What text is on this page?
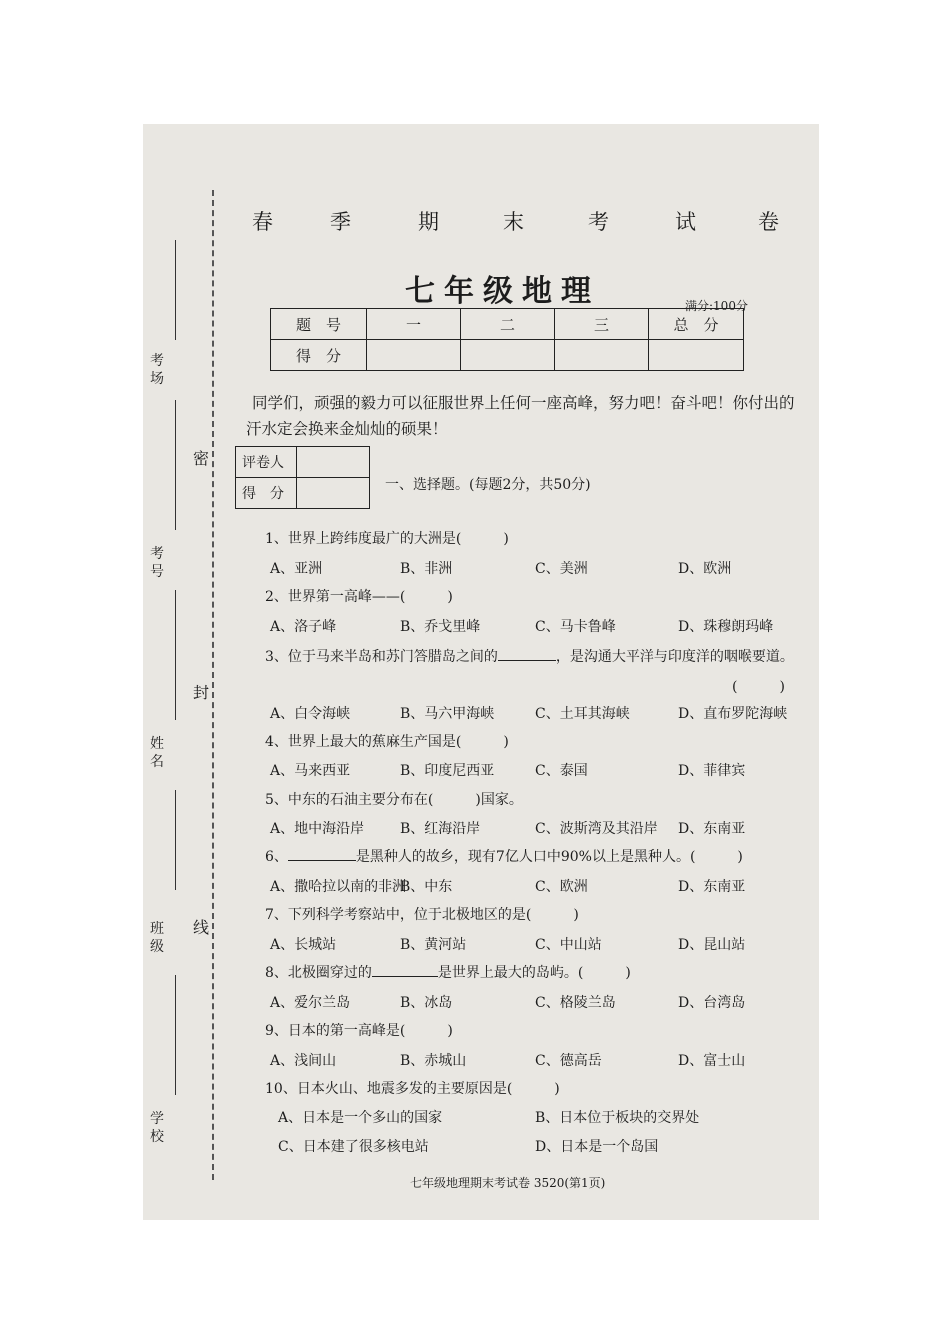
考场
考号
姓名
班级
学校
密
封
线
春	季	期	末	考	试	卷
七年级地理	满分:100分
题　号	一	二	三	总　分
得　分				
同学们，顽强的毅力可以征服世界上任何一座高峰，努力吧！奋斗吧！你付出的
汗水定会换来金灿灿的硕果！
评卷人	
得　分	
一、选择题。(每题2分，共50分)
1、世界上跨纬度最广的大洲是(　　　)
A、亚洲	B、非洲	C、美洲	D、欧洲
2、世界第一高峰——(　　　)
A、洛子峰	B、乔戈里峰	C、马卡鲁峰	D、珠穆朗玛峰
3、位于马来半岛和苏门答腊岛之间的	，是沟通大平洋与印度洋的咽喉要道。
(　　　)
A、白令海峡	B、马六甲海峡	C、土耳其海峡	D、直布罗陀海峡
4、世界上最大的蕉麻生产国是(　　　)
A、马来西亚	B、印度尼西亚	C、泰国	D、菲律宾
5、中东的石油主要分布在(　　　)国家。
A、地中海沿岸	B、红海沿岸	C、波斯湾及其沿岸 D、东南亚
6、	是黑种人的故乡，现有7亿人口中90%以上是黑种人。(　　　)
A、撒哈拉以南的非洲
B、中东	C、欧洲	D、东南亚
7、下列科学考察站中，位于北极地区的是(　　　)
A、长城站	B、黄河站	C、中山站	D、昆山站
8、北极圈穿过的	是世界上最大的岛屿。(　　　)
A、爱尔兰岛	B、冰岛	C、格陵兰岛	D、台湾岛
9、日本的第一高峰是(　　　)
A、浅间山	B、赤城山	C、德高岳	D、富士山
10、日本火山、地震多发的主要原因是(　　　)
A、日本是一个多山的国家	B、日本位于板块的交界处
C、日本建了很多核电站	D、日本是一个岛国
七年级地理期末考试卷 3520(第1页)
